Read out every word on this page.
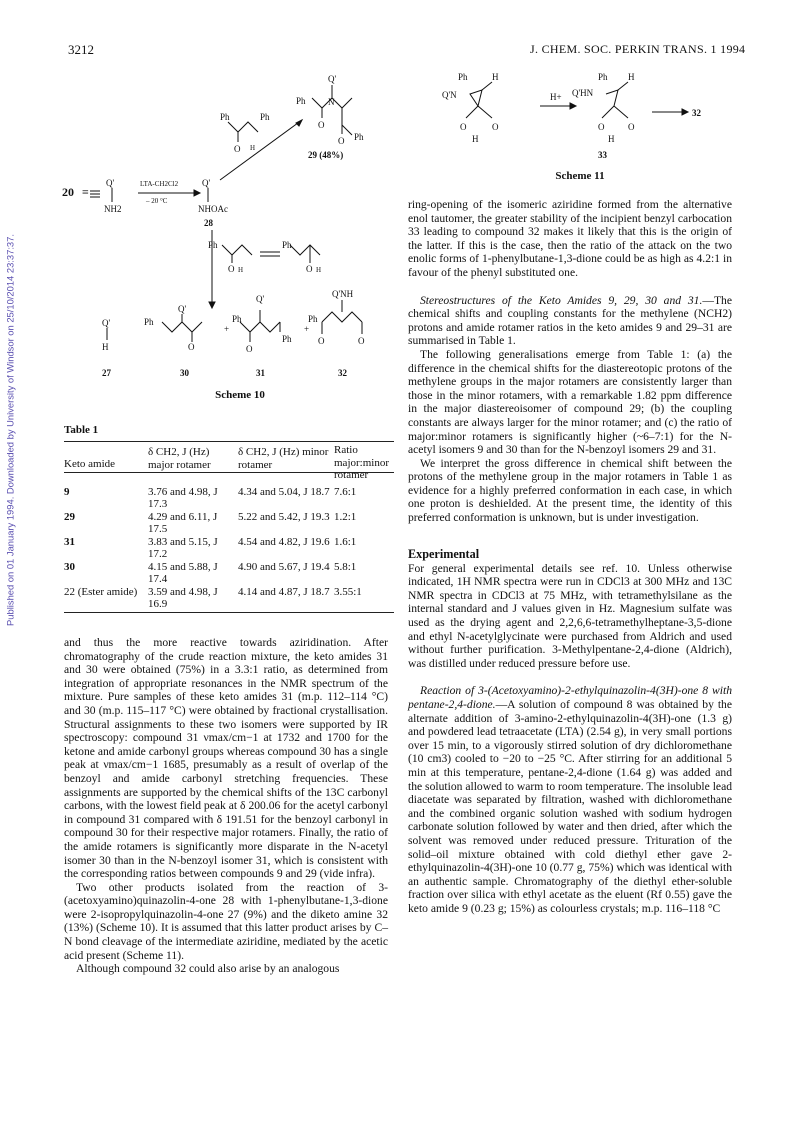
Published on 01 January 1994. Downloaded by University of Windsor on 25/10/2014 23:37:37.
3212	J. CHEM. SOC. PERKIN TRANS. 1 1994
20 ≡
Q'
NH2
LTA-CH2Cl2
– 20 °C
Q'
NHOAc
28
Ph	Ph
O H
Q'
Ph N
O
O Ph
29 (48%)
Ph
O H
Ph
O H
Q'
H
Ph
Q'
O
+
Ph
Q'
O
Ph
+
Ph
Q'NH
O	O
27	30	31	32
Scheme 10
Ph	H
Q'N
O	O
H
H+
Ph H
Q'HN
O	O
H
33
32
Scheme 11
Table 1
Keto amide	δ CH2, J (Hz) major rotamer	δ CH2, J (Hz) minor rotamer	Ratio major:minor rotamer

9	3.76 and 4.98, J 17.3	4.34 and 5.04, J 18.7	7.6:1
29	4.29 and 6.11, J 17.5	5.22 and 5.42, J 19.3	1.2:1
31	3.83 and 5.15, J 17.2	4.54 and 4.82, J 19.6	1.6:1
30	4.15 and 5.88, J 17.4	4.90 and 5.67, J 19.4	5.8:1
22 (Ester amide)	3.59 and 4.98, J 16.9	4.14 and 4.87, J 18.7	3.55:1

and thus the more reactive towards aziridination. After chromatography of the crude reaction mixture, the keto amides 31 and 30 were obtained (75%) in a 3.3:1 ratio, as determined from integration of appropriate resonances in the NMR spectrum of the mixture. Pure samples of these keto amides 31 (m.p. 112–114 °C) and 30 (m.p. 115–117 °C) were obtained by fractional crystallisation. Structural assignments to these two isomers were supported by IR spectroscopy: compound 31 νmax/cm−1 at 1732 and 1700 for the ketone and amide carbonyl groups whereas compound 30 has a single peak at νmax/cm−1 1685, presumably as a result of overlap of the benzoyl and amide carbonyl stretching frequencies. These assignments are supported by the chemical shifts of the 13C carbonyl carbons, with the lowest field peak at δ 200.06 for the acetyl carbonyl in compound 31 compared with δ 191.51 for the benzoyl carbonyl in compound 30 for their respective major rotamers. Finally, the ratio of the amide rotamers is significantly more disparate in the N-acetyl isomer 30 than in the N-benzoyl isomer 31, which is consistent with the corresponding ratios between compounds 9 and 29 (vide infra).

Two other products isolated from the reaction of 3-(acetoxyamino)quinazolin-4-one 28 with 1-phenylbutane-1,3-dione were 2-isopropylquinazolin-4-one 27 (9%) and the diketo amine 32 (13%) (Scheme 10). It is assumed that this latter product arises by C–N bond cleavage of the intermediate aziridine, mediated by the acetic acid present (Scheme 11).

Although compound 32 could also arise by an analogous

ring-opening of the isomeric aziridine formed from the alternative enol tautomer, the greater stability of the incipient benzyl carbocation 33 leading to compound 32 makes it likely that this is the origin of the latter. If this is the case, then the ratio of the attack on the two enolic forms of 1-phenylbutane-1,3-dione could be as high as 4.2:1 in favour of the phenyl substituted one.

Stereostructures of the Keto Amides 9, 29, 30 and 31.—The chemical shifts and coupling constants for the methylene (NCH2) protons and amide rotamer ratios in the keto amides 9 and 29–31 are summarised in Table 1.

The following generalisations emerge from Table 1: (a) the difference in the chemical shifts for the diastereotopic protons of the methylene groups in the major rotamers are consistently larger than those in the minor rotamers, with a remarkable 1.82 ppm difference in the major diastereoisomer of compound 29; (b) the coupling constants are always larger for the minor rotamer; and (c) the ratio of major:minor rotamers is significantly higher (~6–7:1) for the N-acetyl isomers 9 and 30 than for the N-benzoyl isomers 29 and 31.

We interpret the gross difference in chemical shift between the protons of the methylene group in the major rotamers in Table 1 as evidence for a highly preferred conformation in each case, in which one proton is deshielded. At the present time, the identity of this preferred conformation is unknown, but is under investigation.

Experimental

For general experimental details see ref. 10. Unless otherwise indicated, 1H NMR spectra were run in CDCl3 at 300 MHz and 13C NMR spectra in CDCl3 at 75 MHz, with tetramethylsilane as the internal standard and J values given in Hz. Magnesium sulfate was used as the drying agent and 2,2,6,6-tetramethylheptane-3,5-dione and ethyl N-acetylglycinate were purchased from Aldrich and used without further purification. 3-Methylpentane-2,4-dione (Aldrich), was distilled under reduced pressure before use.

Reaction of 3-(Acetoxyamino)-2-ethylquinazolin-4(3H)-one 8 with pentane-2,4-dione.—A solution of compound 8 was obtained by the alternate addition of 3-amino-2-ethylquinazolin-4(3H)-one (1.3 g) and powdered lead tetraacetate (LTA) (2.54 g), in very small portions over 15 min, to a vigorously stirred solution of dry dichloromethane (10 cm3) cooled to −20 to −25 °C. After stirring for an additional 5 min at this temperature, pentane-2,4-dione (1.64 g) was added and the solution allowed to warm to room temperature. The insoluble lead diacetate was separated by filtration, washed with dichloromethane and the combined organic solution washed with sodium hydrogen carbonate solution followed by water and then dried, after which the solvent was removed under reduced pressure. Trituration of the solid–oil mixture obtained with cold diethyl ether gave 2-ethylquinazolin-4(3H)-one 10 (0.77 g, 75%) which was identical with an authentic sample. Chromatography of the diethyl ether-soluble fraction over silica with ethyl acetate as the eluent (Rf 0.55) gave the keto amide 9 (0.23 g; 15%) as colourless crystals; m.p. 116–118 °C
